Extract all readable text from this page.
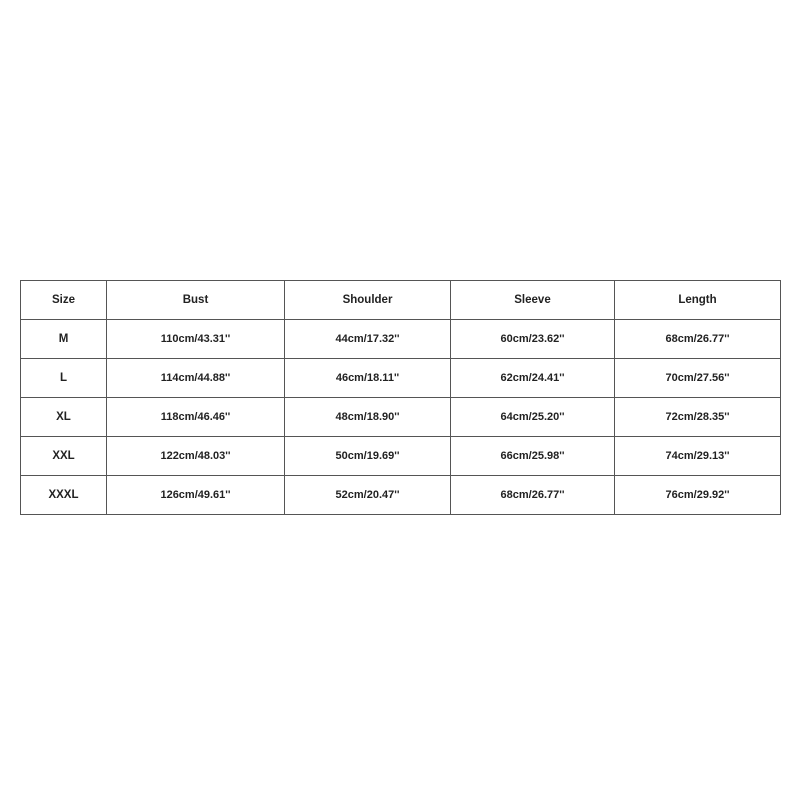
Size	Bust	Shoulder	Sleeve	Length
M	110cm/43.31''	44cm/17.32''	60cm/23.62''	68cm/26.77''
L	114cm/44.88''	46cm/18.11''	62cm/24.41''	70cm/27.56''
XL	118cm/46.46''	48cm/18.90''	64cm/25.20''	72cm/28.35''
XXL	122cm/48.03''	50cm/19.69''	66cm/25.98''	74cm/29.13''
XXXL	126cm/49.61''	52cm/20.47''	68cm/26.77''	76cm/29.92''
